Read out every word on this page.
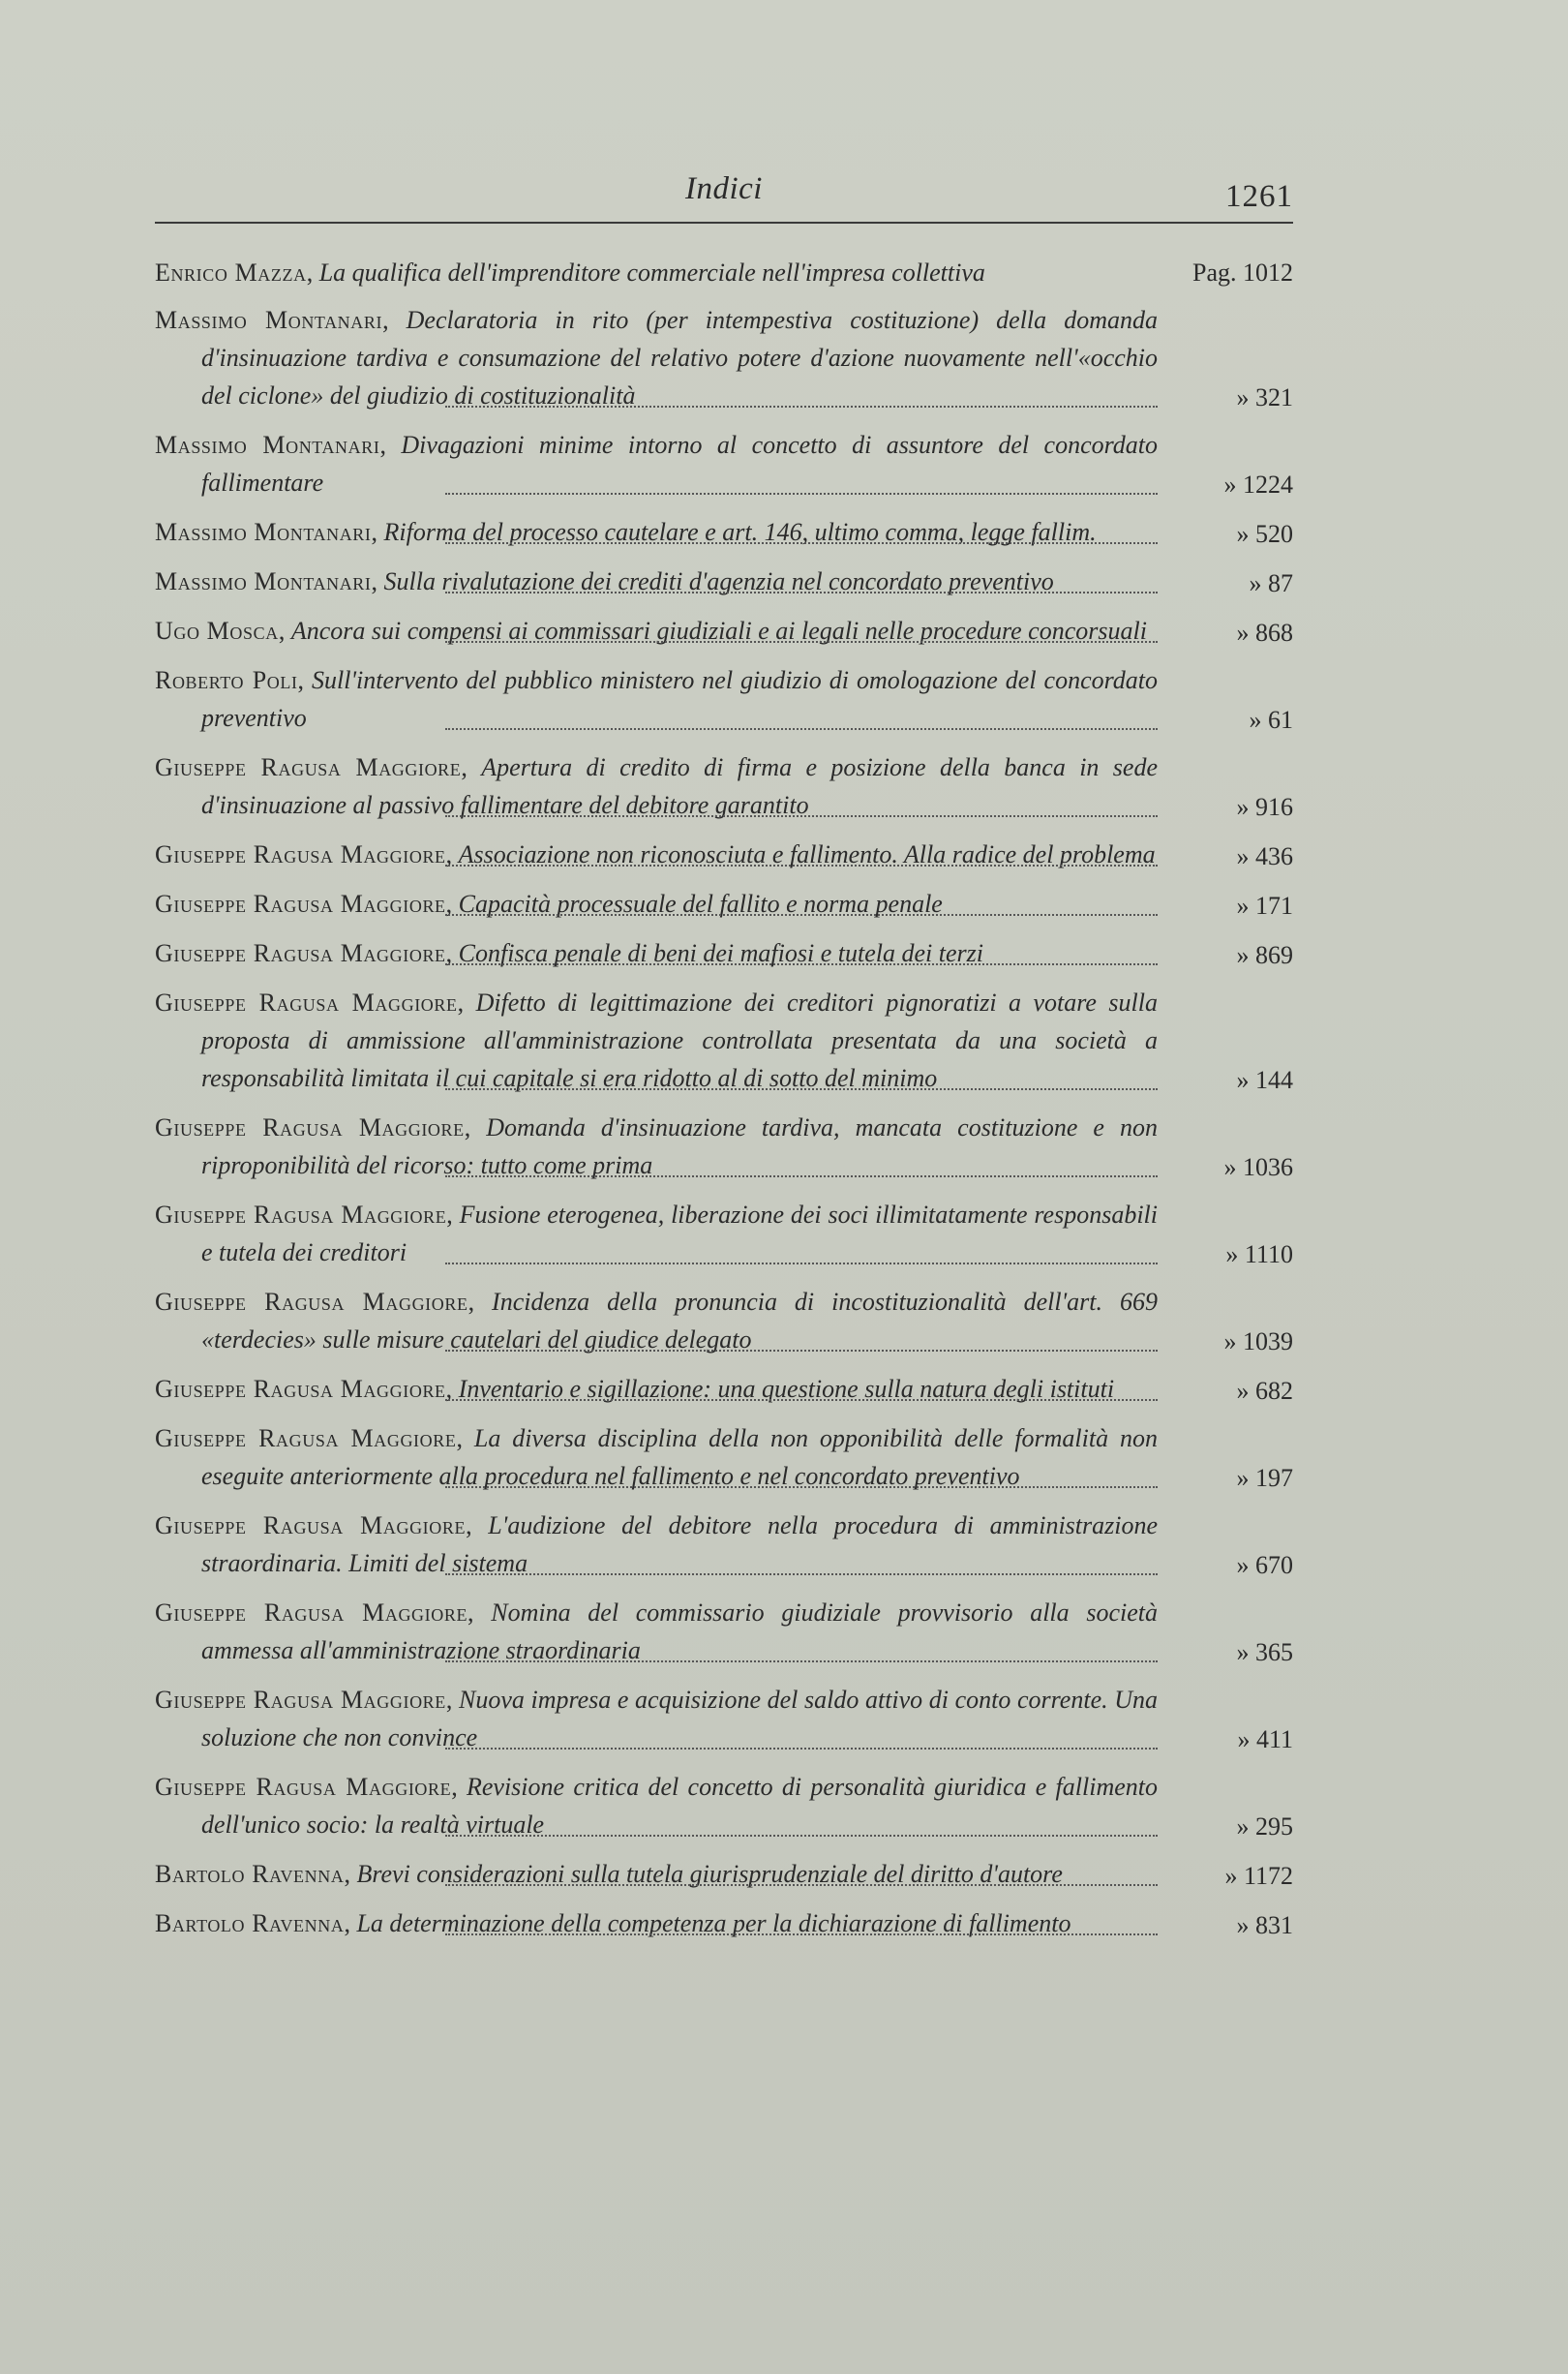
Indici	1261
Enrico Mazza, La qualifica dell'imprenditore commerciale nell'impresa collettiva	Pag. 1012
Massimo Montanari, Declaratoria in rito (per intempestiva costituzione) della domanda d'insinuazione tardiva e consumazione del relativo potere d'azione nuovamente nell'«occhio del ciclone» del giudizio di costituzionalità	» 321
Massimo Montanari, Divagazioni minime intorno al concetto di assuntore del concordato fallimentare	» 1224
Massimo Montanari, Riforma del processo cautelare e art. 146, ultimo comma, legge fallim.	» 520
Massimo Montanari, Sulla rivalutazione dei crediti d'agenzia nel concordato preventivo	» 87
Ugo Mosca, Ancora sui compensi ai commissari giudiziali e ai legali nelle procedure concorsuali	» 868
Roberto Poli, Sull'intervento del pubblico ministero nel giudizio di omologazione del concordato preventivo	» 61
Giuseppe Ragusa Maggiore, Apertura di credito di firma e posizione della banca in sede d'insinuazione al passivo fallimentare del debitore garantito	» 916
Giuseppe Ragusa Maggiore, Associazione non riconosciuta e fallimento. Alla radice del problema	» 436
Giuseppe Ragusa Maggiore, Capacità processuale del fallito e norma penale	» 171
Giuseppe Ragusa Maggiore, Confisca penale di beni dei mafiosi e tutela dei terzi	» 869
Giuseppe Ragusa Maggiore, Difetto di legittimazione dei creditori pignoratizi a votare sulla proposta di ammissione all'amministrazione controllata presentata da una società a responsabilità limitata il cui capitale si era ridotto al di sotto del minimo	» 144
Giuseppe Ragusa Maggiore, Domanda d'insinuazione tardiva, mancata costituzione e non riproponibilità del ricorso: tutto come prima	» 1036
Giuseppe Ragusa Maggiore, Fusione eterogenea, liberazione dei soci illimitatamente responsabili e tutela dei creditori	» 1110
Giuseppe Ragusa Maggiore, Incidenza della pronuncia di incostituzionalità dell'art. 669 «terdecies» sulle misure cautelari del giudice delegato	» 1039
Giuseppe Ragusa Maggiore, Inventario e sigillazione: una questione sulla natura degli istituti	» 682
Giuseppe Ragusa Maggiore, La diversa disciplina della non opponibilità delle formalità non eseguite anteriormente alla procedura nel fallimento e nel concordato preventivo	» 197
Giuseppe Ragusa Maggiore, L'audizione del debitore nella procedura di amministrazione straordinaria. Limiti del sistema	» 670
Giuseppe Ragusa Maggiore, Nomina del commissario giudiziale provvisorio alla società ammessa all'amministrazione straordinaria	» 365
Giuseppe Ragusa Maggiore, Nuova impresa e acquisizione del saldo attivo di conto corrente. Una soluzione che non convince	» 411
Giuseppe Ragusa Maggiore, Revisione critica del concetto di personalità giuridica e fallimento dell'unico socio: la realtà virtuale	» 295
Bartolo Ravenna, Brevi considerazioni sulla tutela giurisprudenziale del diritto d'autore	» 1172
Bartolo Ravenna, La determinazione della competenza per la dichiarazione di fallimento	» 831
